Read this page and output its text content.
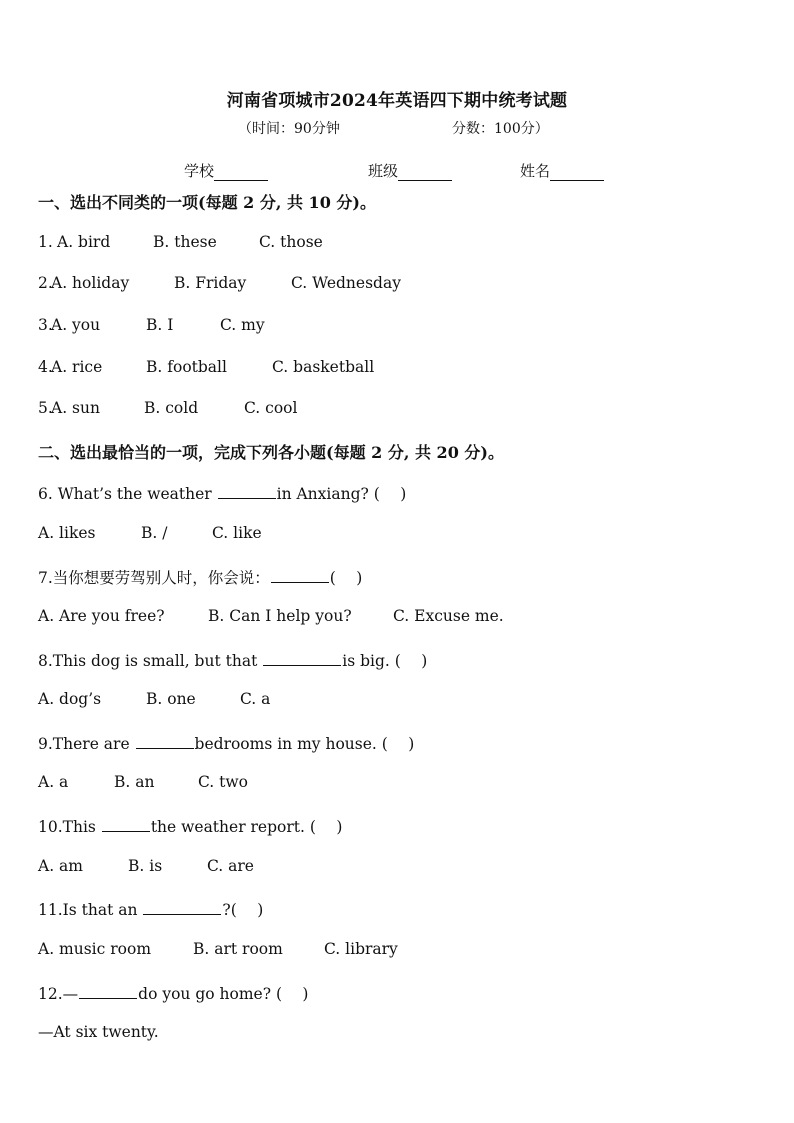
河南省项城市2024年英语四下期中统考试题
（时间：90分钟	分数：100分）
学校	班级	姓名
一、选出不同类的一项(每题 2 分, 共 10 分)。
1. A. bird	B. these	C. those
2.
A. holiday	B. Friday	C. Wednesday
3.
A. you	B. I	C. my
4.
A. rice	B. football	C. basketball
5.
A. sun	B. cold	C. cool
二、选出最恰当的一项，完成下列各小题(每题 2 分, 共 20 分)。
6. What’s the weather	in Anxiang? (　 )
A. likes	B. /	C. like
7.当你想要劳驾别人时，你会说：	(　 )
A. Are you free?	B. Can I help you?	C. Excuse me.
8.This dog is small, but that	is big. (　 )
A. dog’s	B. one	C. a
9.There are	bedrooms in my house. (　 )
A. a	B. an	C. two
10.This	the weather report. (　 )
A. am	B. is	C. are
11.Is that an	?(　 )
A. music room	B. art room	C. library
12.—	do you go home? (　 )
—At six twenty.
